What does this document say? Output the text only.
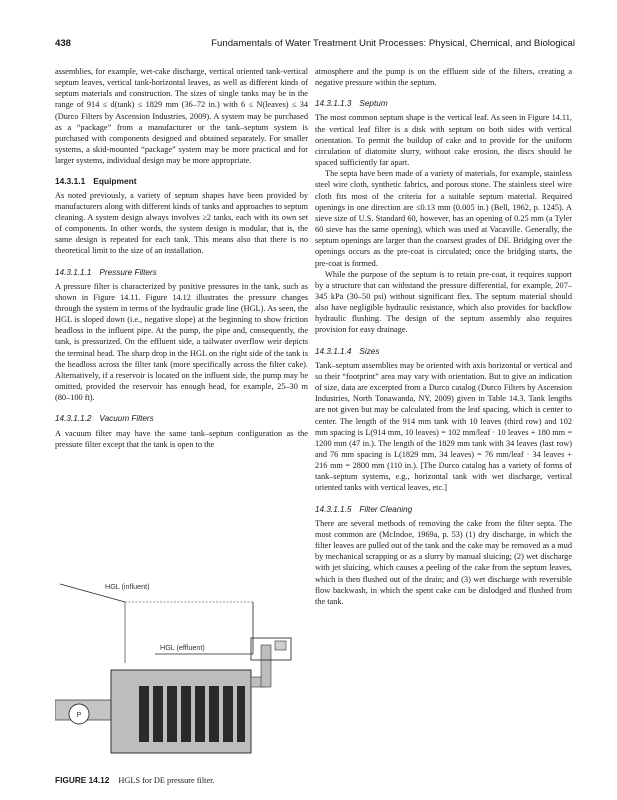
438	Fundamentals of Water Treatment Unit Processes: Physical, Chemical, and Biological

assemblies, for example, wet-cake discharge, vertical oriented tank-vertical septum leaves, vertical tank-horizontal leaves, as well as different kinds of septum materials and construction. The sizes of single tanks may be in the range of 914 ≤ d(tank) ≤ 1829 mm (36–72 in.) with 6 ≤ N(leaves) ≤ 34 (Durco Filters by Ascension Industries, 2009). A system may be purchased as a “package” from a manufacturer or the tank–septum system is purchased with components designed and obtained separately. For smaller systems, a skid-mounted “package” system may be more practical and for larger systems, individual design may be more appropriate.

14.3.1.1 Equipment

As noted previously, a variety of septum shapes have been provided by manufacturers along with different kinds of tanks and approaches to septum cleaning. A system design always involves ≥2 tanks, each with its own set of components. In other words, the system design is modular, that is, the same design is repeated for each tank. This means also that there is no theoretical limit to the size of an installation.

14.3.1.1.1 Pressure Filters

A pressure filter is characterized by positive pressures in the tank, such as shown in Figure 14.11. Figure 14.12 illustrates the pressure changes through the system in terms of the hydraulic grade line (HGL). As seen, the HGL is sloped down (i.e., negative slope) at the beginning to show friction headloss in the influent pipe. At the pump, the pipe and, consequently, the tank, is pressurized. On the effluent side, a tailwater overflow weir depicts the terminal head. The sharp drop in the HGL on the right side of the tank is the headloss across the filter tank (more specifically across the filter cake). Alternatively, if a reservoir is located on the influent side, the pump may be omitted, provided the reservoir has enough head, for example, 25–30 m (80–100 ft).

14.3.1.1.2 Vacuum Filters

A vacuum filter may have the same tank–septum configuration as the pressure filter except that the tank is open to the

atmosphere and the pump is on the effluent side of the filters, creating a negative pressure within the septum.

14.3.1.1.3 Septum

The most common septum shape is the vertical leaf. As seen in Figure 14.11, the vertical leaf filter is a disk with septum on both sides with vertical orientation. To permit the buildup of cake and to provide for the uniform circulation of diatomite slurry, without cake erosion, the discs should be spaced sufficiently far apart.

The septa have been made of a variety of materials, for example, stainless steel wire cloth, synthetic fabrics, and porous stone. The stainless steel wire cloth fits most of the criteria for a suitable septum material. Required openings in one direction are ≤0.13 mm (0.005 in.) (Bell, 1962, p. 1245). A sieve size of U.S. Standard 60, however, has an opening of 0.25 mm (a Tyler 60 sieve has the same opening), which was used at Vacaville. Generally, the septum openings are larger than the coarsest grades of DE. Bridging over the openings occurs as the pre-coat is circulated; once the bridging starts, the pre-coat is formed.

While the purpose of the septum is to retain pre-coat, it requires support by a structure that can withstand the pressure differential, for example, 207–345 kPa (30–50 psi) without significant flex. The septum material should also have negligible hydraulic resistance, which also provides for backflow hydraulic flushing. The design of the septum assembly also requires provision for easy drainage.

14.3.1.1.4 Sizes

Tank–septum assemblies may be oriented with axis horizontal or vertical and so their “footprint” area may vary with orientation. But to give an indication of size, data are excerpted from a Durco catalog (Durco Filters by Ascension Industries, North Tonawanda, NY, 2009) given in Table 14.3. Tank lengths are not given but may be calculated from the leaf spacing, which is center to center. The length of the 914 mm tank with 10 leaves (third row) and 102 mm spacing is L(914 mm, 10 leaves) = 102 mm/leaf · 10 leaves + 180 mm = 1200 mm (47 in.). The length of the 1829 mm tank with 34 leaves (last row) and 76 mm spacing is L(1829 mm, 34 leaves) = 76 mm/leaf · 34 leaves + 216 mm = 2800 mm (110 in.). [The Durco catalog has a variety of forms of tank–septum systems, e.g., horizontal tank with wet discharge, vertical oriented tanks with vertical leaves, etc.]

14.3.1.1.5 Filter Cleaning

There are several methods of removing the cake from the filter septa. The most common are (McIndoe, 1969a, p. 53) (1) dry discharge, in which the filter leaves are pulled out of the tank and the cake may be removed as a mud by mechanical scrapping or as a slurry by manual sluicing; (2) wet discharge with jet sluicing, which causes a peeling of the cake from the septum leaves, which is then flushed out of the drain; and (3) wet discharge with reversible flow backwash, in which the spent cake can be dislodged and flushed from the tank.

HGL (influent)
HGL (effluent)
P
FIGURE 14.12 HGLS for DE pressure filter.
